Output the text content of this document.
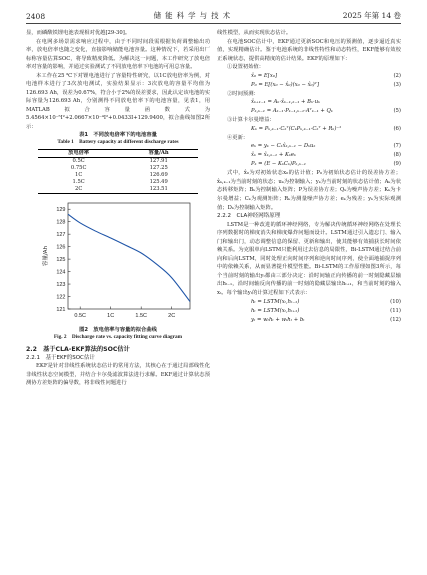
2408	储能科学与技术	2025 年第 14 卷

显，而磷酸铁锂电池表现相对优越[29-30]。

在电网多场景需求响应过程中，由于不同时间段需根据负荷调整输出功率，放电倍率也随之变化，直接影响储能电池容量。这种情况下，若采用出厂标称容量估算SOC，将导致精度降低。为解决这一问题，本工作研究了放电倍率对容量的影响，并通过实验测试了不同放电倍率下电池的可用总容量。

本工作在25 ℃下对锂电池进行了容量特性研究，以1C放电倍率为例，对电池样本进行了3次放电测试，实验结果显示：3次放电的容量平均值为126.693 Ah，误差为0.67%，符合小于2%的误差要求，因此认定该电池的实际容量为126.693 Ah，分别测得不同放电倍率下的电池容量，见表1，用MATLAB拟合容量函数式为5.4564×10⁻⁵I²+2.0667×10⁻⁴I²+0.0433I+129.9400，拟合曲线如图2所示：

表1　不同放电倍率下的电池容量
Table 1　Battery capacity at different discharge rates
放电倍率	容量/Ah
0.5C	127.91
0.75C	127.25
1C	126.69
1.5C	125.49
2C	123.51
121
122
123
124
125
126
127
128
129
0.5C	1C	1.5C	2C
容量/Ah
图2　放电倍率与容量的拟合曲线
Fig. 2　Discharge rate vs. capacity fitting curve diagram
2.2　基于CLA-EKF算法的SOC估计
2.2.1　基于EKF的SOC估计

EKF是针对非线性系统状态估计的常用方法，其核心在于通过局部线性化非线性状态空间模型，并结合卡尔曼滤波算法进行求解。EKF通过计算状态预测协方差矩阵的偏导数，将非线性问题进行

线性模型，从而实现状态估计。

在电池SOC估计中，EKF通过更新SOC和电压的预测值，逐步逼近真实值，实现精确估计。鉴于电池系统的非线性特性和动态特性，EKF能够有效校正系统状态，提供高精度的估计结果。EKF的原理如下：

①设置初始值：

x̂₀ = E[x₀]	(2)
P₀ = E[(x₀ − x̂₀)(x₀ − x̂₀)ᵀ]	(3)

②时间预测：

x̂ₖ₊₁₋₁ = Aₖ·x̂ₖ₋₁,ₖ₋₁ + Bₖ·uₖ
Pₖ,ₖ₋₁ = Aₖ₋₁·Pₖ₋₁,ₖ₋₁·Aᵀₖ₋₁ + Qₖ	(5)

③计算卡尔曼增益：

Kₖ = Pₖ,ₖ₋₁·Cₖᵀ(CₖPₖ,ₖ₋₁·Cₖᵀ + Rₖ)⁻¹	(6)

④更新：

eₖ = yₖ − Cₖx̂ₖ,ₖ₋₁ − Dₖuₖ	(7)
x̂ₖ = x̂ₖ,ₖ₋₁ + Kₖeₖ	(8)
Pₖ = (E − KₖCₖ)Pₖ,ₖ₋₁	(9)

式中，x̂₀为对初始状态x₀的估计值；P₀为初始状态估计的误差协方差；x̂ₖ,ₖ₋₁为当前时刻的状态；uₖ为控制输入；yₖ为当前时刻的状态估计值；Aₖ为状态转移矩阵；Bₖ为控制输入矩阵；P为误差协方差；Qₖ为噪声协方差；Kₖ为卡尔曼增益；Cₖ为观测矩阵；Rₖ为测量噪声协方差；eₖ为残差；yₖ为实际观测值；Dₖ为控制输入矩阵。

2.2.2　CLA神经网络原理

LSTM是一种改进的循环神经网络，专为解决传统循环神经网络在处理长序列数据时的梯度消失和梯度爆炸问题而设计。LSTM通过引入遗忘门、输入门和输出门，动态调整信息的保留、更新和输出，使其能够有效捕获长时间依赖关系。为克服单向LSTM只能利用过去信息的局限性，Bi-LSTM通过结合前向和后向LSTM，同时处理正向时间序列和逆向时间序列，使全面地捕捉序列中的依赖关系，从而显著提升模型性能。Bi-LSTM的工作原理如图3所示，每个当前时刻的输出yₜ都由三部分决定：沿时间轴正向传播的前一时刻隐藏层输出hₜ₋₁，沿时间轴反向传播的前一时刻的隐藏层输出hₜ₊₁，和当前时刻的输入xₜ。每个输出yₜ的计算过程如下式表示：

hₜ = LSTM(xₜ,hₜ₋₁)	(10)
hₜ = LSTM(xₜ,hₜ₊₁)	(11)
yₜ = wₜhₜ + wₜhₜ + bₜ	(12)
